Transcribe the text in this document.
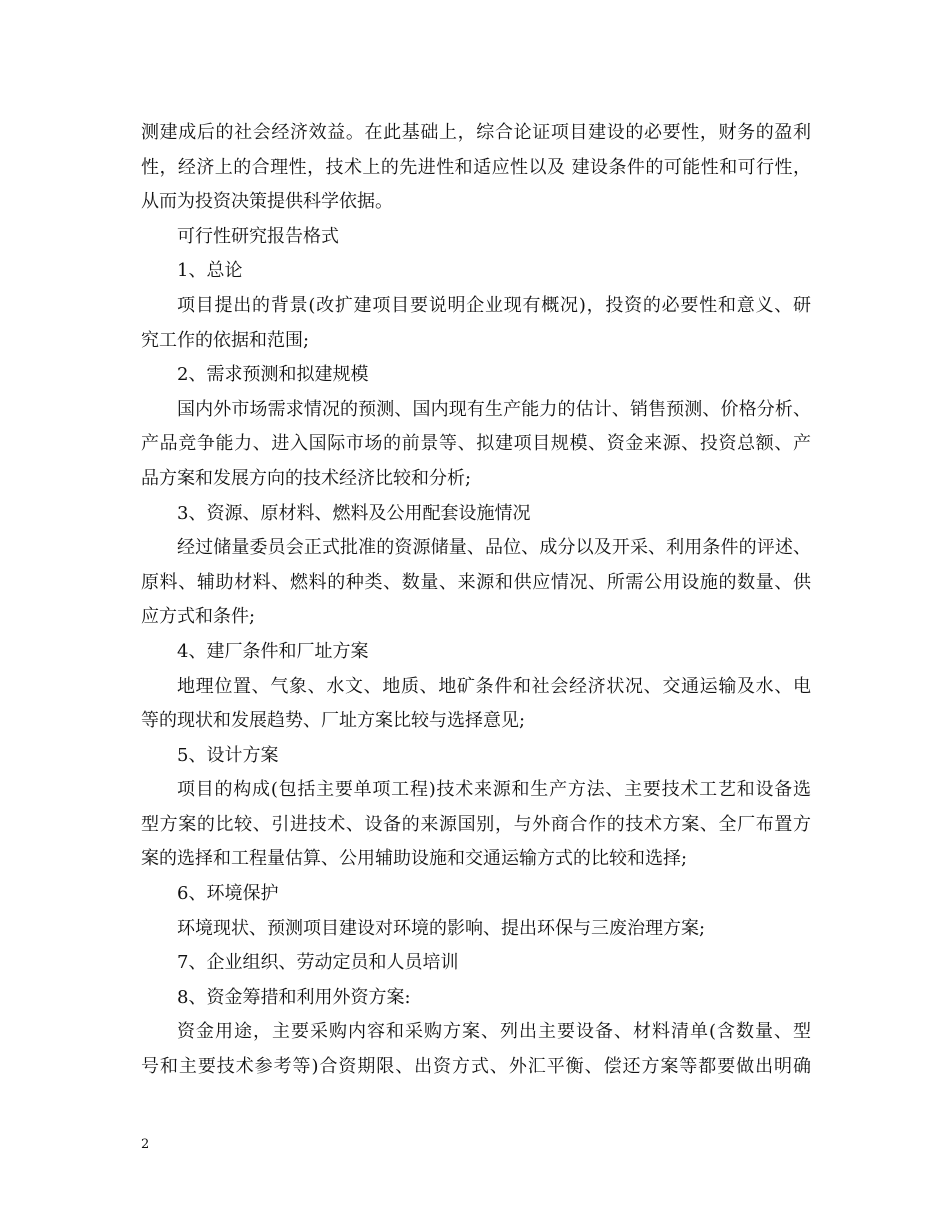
测建成后的社会经济效益。在此基础上，综合论证项目建设的必要性，财务的盈利
性，经济上的合理性，技术上的先进性和适应性以及 建设条件的可能性和可行性，
从而为投资决策提供科学依据。
可行性研究报告格式
1、总论
项目提出的背景(改扩建项目要说明企业现有概况)，投资的必要性和意义、研
究工作的依据和范围;
2、需求预测和拟建规模
国内外市场需求情况的预测、国内现有生产能力的估计、销售预测、价格分析、
产品竞争能力、进入国际市场的前景等、拟建项目规模、资金来源、投资总额、产
品方案和发展方向的技术经济比较和分析;
3、资源、原材料、燃料及公用配套设施情况
经过储量委员会正式批准的资源储量、品位、成分以及开采、利用条件的评述、
原料、辅助材料、燃料的种类、数量、来源和供应情况、所需公用设施的数量、供
应方式和条件;
4、建厂条件和厂址方案
地理位置、气象、水文、地质、地矿条件和社会经济状况、交通运输及水、电
等的现状和发展趋势、厂址方案比较与选择意见;
5、设计方案
项目的构成(包括主要单项工程)技术来源和生产方法、主要技术工艺和设备选
型方案的比较、引进技术、设备的来源国别，与外商合作的技术方案、全厂布置方
案的选择和工程量估算、公用辅助设施和交通运输方式的比较和选择;
6、环境保护
环境现状、预测项目建设对环境的影响、提出环保与三废治理方案;
7、企业组织、劳动定员和人员培训
8、资金筹措和利用外资方案:
资金用途，主要采购内容和采购方案、列出主要设备、材料清单(含数量、型
号和主要技术参考等)合资期限、出资方式、外汇平衡、偿还方案等都要做出明确
2
